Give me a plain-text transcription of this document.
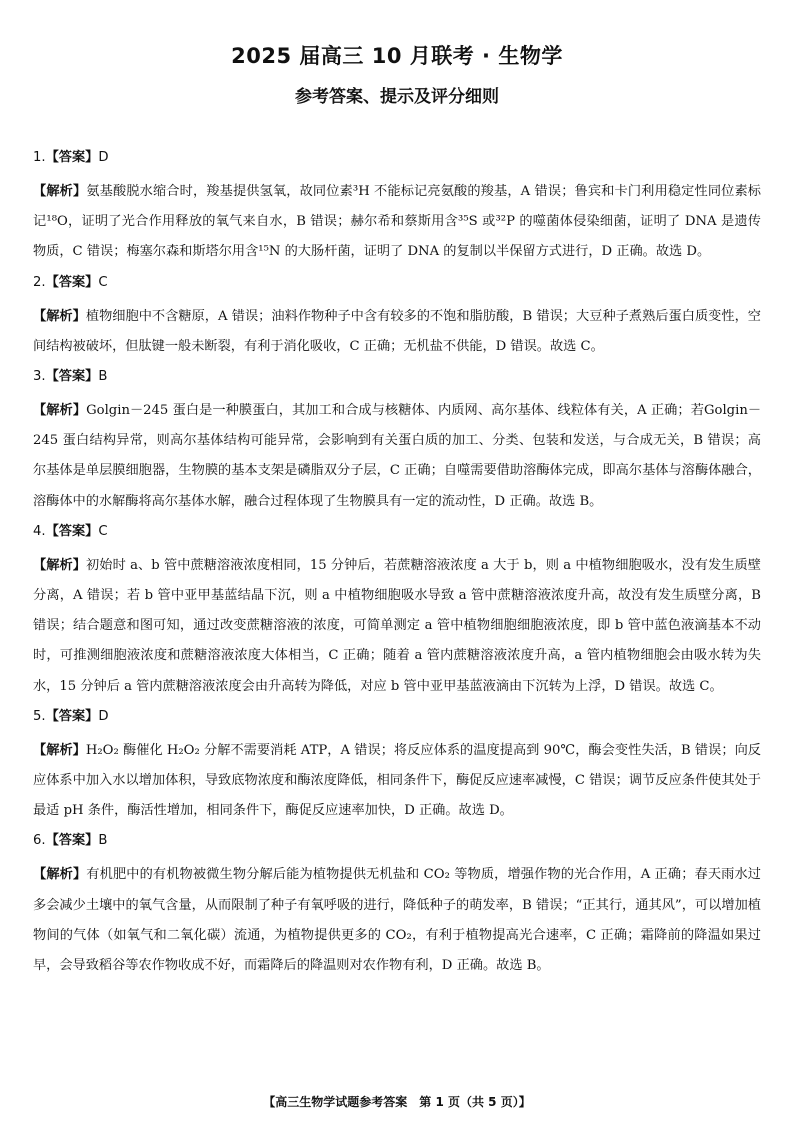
2025 届高三 10 月联考 · 生物学
参考答案、提示及评分细则
1.【答案】D
【解析】氨基酸脱水缩合时，羧基提供氢氧，故同位素³H 不能标记亮氨酸的羧基，A 错误；鲁宾和卡门利用稳定性同位素标记¹⁸O，证明了光合作用释放的氧气来自水，B 错误；赫尔希和蔡斯用含³⁵S 或³²P 的噬菌体侵染细菌，证明了 DNA 是遗传物质，C 错误；梅塞尔森和斯塔尔用含¹⁵N 的大肠杆菌，证明了 DNA 的复制以半保留方式进行，D 正确。故选 D。
2.【答案】C
【解析】植物细胞中不含糖原，A 错误；油料作物种子中含有较多的不饱和脂肪酸，B 错误；大豆种子煮熟后蛋白质变性，空间结构被破坏，但肽键一般未断裂，有利于消化吸收，C 正确；无机盐不供能，D 错误。故选 C。
3.【答案】B
【解析】Golgin－245 蛋白是一种膜蛋白，其加工和合成与核糖体、内质网、高尔基体、线粒体有关，A 正确；若Golgin－245 蛋白结构异常，则高尔基体结构可能异常，会影响到有关蛋白质的加工、分类、包装和发送，与合成无关，B 错误；高尔基体是单层膜细胞器，生物膜的基本支架是磷脂双分子层，C 正确；自噬需要借助溶酶体完成，即高尔基体与溶酶体融合，溶酶体中的水解酶将高尔基体水解，融合过程体现了生物膜具有一定的流动性，D 正确。故选 B。
4.【答案】C
【解析】初始时 a、b 管中蔗糖溶液浓度相同，15 分钟后，若蔗糖溶液浓度 a 大于 b，则 a 中植物细胞吸水，没有发生质壁分离，A 错误；若 b 管中亚甲基蓝结晶下沉，则 a 中植物细胞吸水导致 a 管中蔗糖溶液浓度升高，故没有发生质壁分离，B 错误；结合题意和图可知，通过改变蔗糖溶液的浓度，可简单测定 a 管中植物细胞细胞液浓度，即 b 管中蓝色液滴基本不动时，可推测细胞液浓度和蔗糖溶液浓度大体相当，C 正确；随着 a 管内蔗糖溶液浓度升高，a 管内植物细胞会由吸水转为失水，15 分钟后 a 管内蔗糖溶液浓度会由升高转为降低，对应 b 管中亚甲基蓝液滴由下沉转为上浮，D 错误。故选 C。
5.【答案】D
【解析】H₂O₂ 酶催化 H₂O₂ 分解不需要消耗 ATP，A 错误；将反应体系的温度提高到 90℃，酶会变性失活，B 错误；向反应体系中加入水以增加体积，导致底物浓度和酶浓度降低，相同条件下，酶促反应速率减慢，C 错误；调节反应条件使其处于最适 pH 条件，酶活性增加，相同条件下，酶促反应速率加快，D 正确。故选 D。
6.【答案】B
【解析】有机肥中的有机物被微生物分解后能为植物提供无机盐和 CO₂ 等物质，增强作物的光合作用，A 正确；春天雨水过多会减少土壤中的氧气含量，从而限制了种子有氧呼吸的进行，降低种子的萌发率，B 错误；“正其行，通其风”，可以增加植物间的气体（如氧气和二氧化碳）流通，为植物提供更多的 CO₂，有利于植物提高光合速率，C 正确；霜降前的降温如果过早，会导致稻谷等农作物收成不好，而霜降后的降温则对农作物有利，D 正确。故选 B。
【高三生物学试题参考答案　第 1 页（共 5 页）】
